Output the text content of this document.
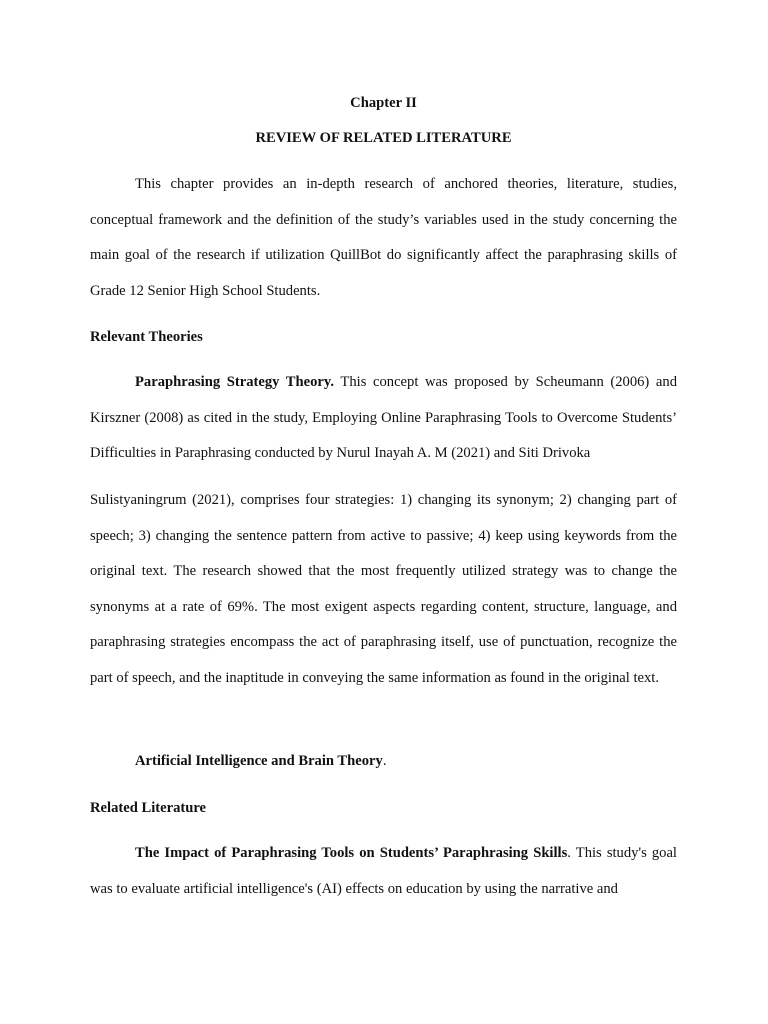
Chapter II
REVIEW OF RELATED LITERATURE

This chapter provides an in-depth research of anchored theories, literature, studies, conceptual framework and the definition of the study’s variables used in the study concerning the main goal of the research if utilization QuillBot do significantly affect the paraphrasing skills of Grade 12 Senior High School Students.

Relevant Theories

Paraphrasing Strategy Theory. This concept was proposed by Scheumann (2006) and Kirszner (2008) as cited in the study, Employing Online Paraphrasing Tools to Overcome Students’ Difficulties in Paraphrasing conducted by Nurul Inayah A. M (2021) and Siti Drivoka

Sulistyaningrum (2021), comprises four strategies: 1) changing its synonym; 2) changing part of speech; 3) changing the sentence pattern from active to passive; 4) keep using keywords from the original text. The research showed that the most frequently utilized strategy was to change the synonyms at a rate of 69%. The most exigent aspects regarding content, structure, language, and paraphrasing strategies encompass the act of paraphrasing itself, use of punctuation, recognize the part of speech, and the inaptitude in conveying the same information as found in the original text.

Artificial Intelligence and Brain Theory.

Related Literature

The Impact of Paraphrasing Tools on Students’ Paraphrasing Skills. This study's goal was to evaluate artificial intelligence's (AI) effects on education by using the narrative and
